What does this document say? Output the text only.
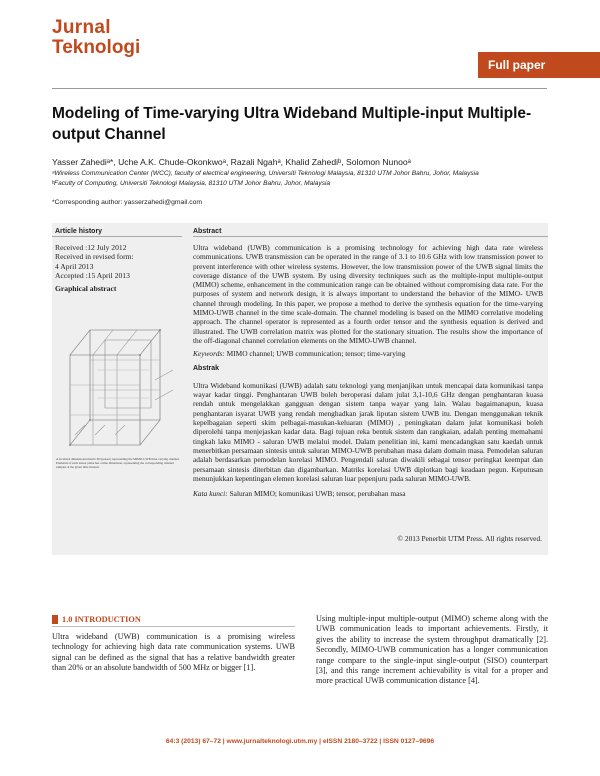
Jurnal
Teknologi
Full paper
Modeling of Time-varying Ultra Wideband Multiple-input Multiple-output Channel
Yasser Zahediᵃ*, Uche A.K. Chude-Okonkwoᵃ, Razali Ngahᵃ, Khalid Zahediᵇ, Solomon Nunooᵃ
ᵃWireless Communication Center (WCC), faculty of electrical engineering, Universiti Teknologi Malaysia, 81310 UTM Johor Bahru, Johor, Malaysia
ᵇFaculty of Computing, Universiti Teknologi Malaysia, 81310 UTM Johor Bahru, Johor, Malaysia
*Corresponding author: yasserzahedi@gmail.com
Article history
Received :12 July 2012
Received in revised form:
4 April 2013
Accepted :15 April 2013
Graphical abstract
A localised dimensional matrix 3D (tensor) representing the MIMO-UWB time-varying channel. Elements of each tensor plane has a time dimension, representing the corresponding channel samples at the given time instants
Abstract
Ultra wideband (UWB) communication is a promising technology for achieving high data rate wireless communications. UWB transmission can be operated in the range of 3.1 to 10.6 GHz with low transmission power to prevent interference with other wireless systems. However, the low transmission power of the UWB signal limits the coverage distance of the UWB system. By using diversity techniques such as the multiple-input multiple-output (MIMO) scheme, enhancement in the communication range can be obtained without compromising data rate. For the purposes of system and network design, it is always important to understand the behavior of the MIMO- UWB channel through modeling. In this paper, we propose a method to derive the synthesis equation for the time-varying MIMO-UWB channel in the time scale-domain. The channel modeling is based on the MIMO correlative modeling approach. The channel operator is represented as a fourth order tensor and the synthesis equation is derived and illustrated. The UWB correlation matrix was plotted for the stationary situation. The results show the importance of the off-diagonal channel correlation elements on the MIMO-UWB channel.
Keywords: MIMO channel; UWB communication; tensor; time-varying
Abstrak
Ultra Wideband komunikasi (UWB) adalah satu teknologi yang menjanjikan untuk mencapai data komunikasi tanpa wayar kadar tinggi. Penghantaran UWB boleh beroperasi dalam julat 3,1-10,6 GHz dengan penghantaran kuasa rendah untuk mengelakkan gangguan dengan sistem tanpa wayar yang lain. Walau bagaimanapun, kuasa penghantaran isyarat UWB yang rendah menghadkan jarak liputan sistem UWB itu. Dengan menggunakan teknik kepelbagaian seperti skim pelbagai-masukan-keluaran (MIMO) , peningkatan dalam julat komunikasi boleh diperolehi tanpa menjejaskan kadar data. Bagi tujuan reka bentuk sistem dan rangkaian, adalah penting memahami tingkah laku MIMO - saluran UWB melalui model. Dalam penelitian ini, kami mencadangkan satu kaedah untuk menerbitkan persamaan sintesis untuk saluran MIMO-UWB perubahan masa dalam domain masa. Pemodelan saluran adalah berdasarkan pemodelan korelasi MIMO. Pengendali saluran diwakili sebagai tensor peringkat keempat dan persamaan sintesis diterbitan dan digambarkan. Matriks korelasi UWB diplotkan bagi keadaan pegun. Keputusan menunjukkan kepentingan elemen korelasi saluran luar pepenjuru pada saluran MIMO-UWB.
Kata kunci: Saluran MIMO; komunikasi UWB; tensor, perubahan masa
© 2013 Penerbit UTM Press. All rights reserved.
1.0 INTRODUCTION
Ultra wideband (UWB) communication is a promising wireless technology for achieving high data rate communication systems. UWB signal can be defined as the signal that has a relative bandwidth greater than 20% or an absolute bandwidth of 500 MHz or bigger [1].
Using multiple-input multiple-output (MIMO) scheme along with the UWB communication leads to important achievements. Firstly, it gives the ability to increase the system throughput dramatically [2]. Secondly, MIMO-UWB communication has a longer communication range compare to the single-input single-output (SISO) counterpart [3], and this range increment achievability is vital for a proper and more practical UWB communication distance [4].
64:3 (2013) 67–72 | www.jurnalteknologi.utm.my | eISSN 2180–3722 | ISSN 0127–9696
